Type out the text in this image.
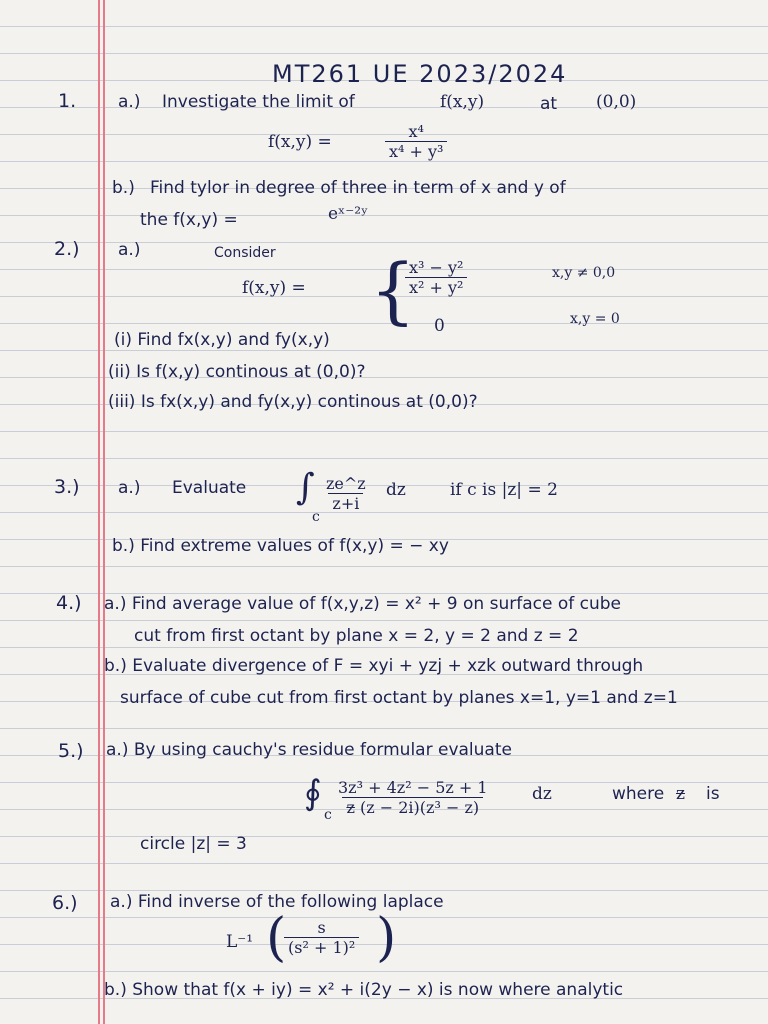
MT261 UE 2023/2024
1. a.) Investigate the limit of	f(x,y)	at (0,0)
f(x,y) =	$\frac{\text{x⁴}}{\text{x⁴ + y³}}$
b.) Find tylor in degree of three in term of x and y of
the f(x,y) =	eˣ⁻²ʸ
2.) a.)	Consider
f(x,y) = {
$\frac{\text{x³ − y²}}{\text{x² + y²}}$	x,y ≠ 0,0
0	x,y = 0
(i) Find fx(x,y) and fy(x,y)
(ii) Is f(x,y) continous at (0,0)?
(iii) Is fx(x,y) and fy(x,y) continous at (0,0)?
3.) a.) Evaluate ∫
c
$\frac{ze\^{}z}{z+i}$ dz	if c is |z| = 2
b.) Find extreme values of f(x,y) = − xy
4.) a.) Find average value of f(x,y,z) = x² + 9 on surface of cube
cut from first octant by plane x = 2, y = 2 and z = 2
b.) Evaluate divergence of F = xyi + yzj + xzk outward through
surface of cube cut from first octant by planes x=1, y=1 and z=1
5.) a.) By using cauchy's residue formular evaluate
∮
c $\frac{\text{3z³ + 4z² − 5z + 1}}{\text{z (z − 2i)(z³ − z)}}$ dz	where z is
circle |z| = 3
6.) a.) Find inverse of the following laplace
L⁻¹ (
$\frac{s}{\text{(s² + 1)²}}$ )
b.) Show that f(x + iy) = x² + i(2y − x) is now where analytic
